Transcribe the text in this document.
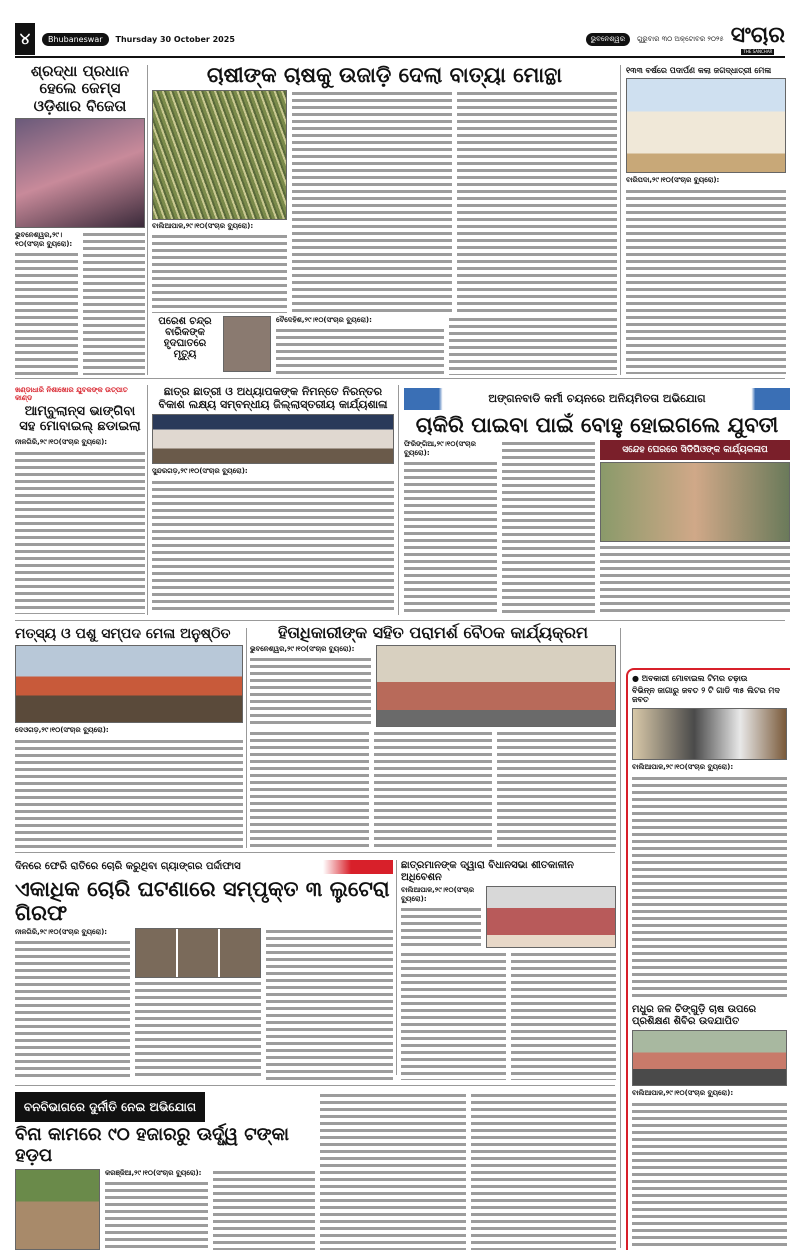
୪	Bhubaneswar	Thursday 30 October 2025	ଭୁବନେଶ୍ୱର	ଗୁରୁବାର ୩୦ ଅକ୍ଟୋବର ୨୦୨୫ ସଂଚାର
THE SANCHAR
ଶ୍ରଦ୍ଧା ପ୍ରଧାନ ହେଲେ ଜେମ୍ସ ଓଡ଼ିଶାର ବିଜେତା
ଭୁବନେଶ୍ୱର,୨୯।୧୦(ସଂଚାର ବ୍ୟୁରୋ):
ଚାଷୀଙ୍କ ଚାଷକୁ ଉଜାଡ଼ି ଦେଲା ବାତ୍ୟା ମୋନ୍ଥା
ବାଲିଆପାଳ,୨୯।୧୦(ସଂଚାର ବ୍ୟୁରୋ):
ପରେଶ ଚନ୍ଦ୍ର ବାରିକଙ୍କ ହୃଦଘାତରେ ମୃତ୍ୟୁ
ବୈଦେହିଶ,୨୯।୧୦(ସଂଚାର ବ୍ୟୁରୋ):
୧୩୩ ବର୍ଷରେ ପଦାର୍ପଣ କଲା ଜଗଦ୍ଧାତ୍ରୀ ମେଳା
ବାରିପଦା,୨୯।୧୦(ସଂଚାର ବ୍ୟୁରୋ):
ଖଣ୍ଡାଧାରି ନିଶାଖୋର ଯୁବକଙ୍କ ଉତ୍ପାତ କାଣ୍ଡ
ଆମ୍ବୁଲାନ୍ସ ଭାଙ୍ଗିବା ସହ ମୋବାଇଲ୍ ଛଡାଇଲା
ନୀଳଗିରି,୨୯।୧୦(ସଂଚାର ବ୍ୟୁରୋ):
ଛାତ୍ର ଛାତ୍ରୀ ଓ ଅଧ୍ୟାପକଙ୍କ ନିମନ୍ତେ ନିରନ୍ତର ବିକାଶ ଲକ୍ଷ୍ୟ ସମ୍ବନ୍ଧୀୟ ଜିଲ୍ଲାସ୍ତରୀୟ କାର୍ଯ୍ୟଶାଳା
ସୁନ୍ଦରଗଡ଼,୨୯।୧୦(ସଂଚାର ବ୍ୟୁରୋ):
ଅଙ୍ଗନବାଡି କର୍ମୀ ଚୟନରେ ଅନିୟମିତତା ଅଭିଯୋଗ
ଚାକିରି ପାଇବା ପାଇଁ ବୋହୁ ହୋଇଗଲେ ଯୁବତୀ
ଫିରିଙ୍ଗିଆ,୨୯।୧୦(ସଂଚାର ବ୍ୟୁରୋ):	ସନ୍ଦେହ ଘେରରେ ସିଡିପିଓଙ୍କ କାର୍ଯ୍ୟକଳାପ
ମତ୍ସ୍ୟ ଓ ପଶୁ ସମ୍ପଦ ମେଳା ଅନୁଷ୍ଠିତ
ଦେଓଗଡ଼,୨୯।୧୦(ସଂଚାର ବ୍ୟୁରୋ):
ହିତାଧିକାରୀଙ୍କ ସହିତ ପରାମର୍ଶ ବୈଠକ କାର୍ଯ୍ୟକ୍ରମ
ଭୁବନେଶ୍ୱର,୨୯।୧୦(ସଂଚାର ବ୍ୟୁରୋ):
● ଅବକାରୀ ମୋବାଇଲ ଟିମର ଚଢ଼ାଉ
ବିଭିନ୍ନ ଜାଗାରୁ ଜବତ ୨ ଟି ଗାଡି ୩୫ ଲିଟର ମଦ ଜବତ
ବାଲିଆପାଳ,୨୯।୧୦(ସଂଚାର ବ୍ୟୁରୋ):
ମଧୁର ଜଳ ଚିଙ୍ଗୁଡ଼ି ଚାଷ ଉପରେ ପ୍ରଶିକ୍ଷଣ ଶିବିର ଉଦଯାପିତ
ବାଲିଆପାଳ,୨୯।୧୦(ସଂଚାର ବ୍ୟୁରୋ):
ଦିନରେ ଫେରି ରାତିରେ ଚୋରି କରୁଥିବା ଗ୍ୟାଙ୍ଗର ପର୍ଦ୍ଦାଫାସ
ଏକାଧିକ ଚୋରି ଘଟଣାରେ ସମ୍ପୃକ୍ତ ୩ ଲୁଟେରା ଗିରଫ
ନୀଳଗିରି,୨୯।୧୦(ସଂଚାର ବ୍ୟୁରୋ):
ଛାତ୍ରମାନଙ୍କ ଦ୍ୱାରା ବିଧାନସଭା ଶୀତକାଳୀନ ଅଧିବେଶନ
ବାଲିଆପାଳ,୨୯।୧୦(ସଂଚାର ବ୍ୟୁରୋ):
ବନବିଭାଗରେ ଦୁର୍ନୀତି ନେଇ ଅଭିଯୋଗ
ବିନା କାମରେ ୯୦ ହଜାରରୁ ଊର୍ଦ୍ଧ୍ୱ ଟଙ୍କା ହଡ଼ପ
କରଞ୍ଜିଆ,୨୯।୧୦(ସଂଚାର ବ୍ୟୁରୋ):
